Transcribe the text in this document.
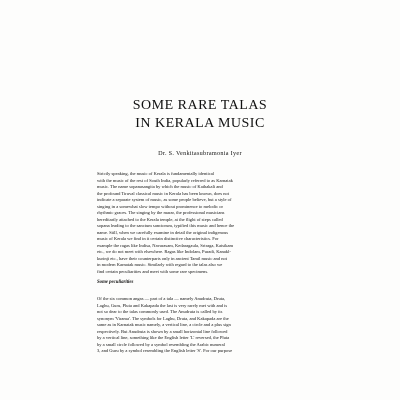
SOME RARE TALAS
IN KERALA MUSIC
Dr. S. Venkitasubramonia Iyer
Strictly speaking, the music of Kerala is fundamentally identical
with the music of the rest of South India, popularly referred to as Karnatak
music. The name sopanasangita by which the music of Kathakali and
the profound Tiruval classical music in Kerala has been known, does not
indicate a separate system of music, as some people believe, but a style of
singing in a somewhat slow tempo without prominence to melodic or
rhythmic graces. The singing by the marar, the professional musicians
hereditarily attached to the Kerala temple, at the flight of steps called
sopana leading to the sanctum sanctorum, typified this music and hence the
name. Still, when we carefully examine in detail the original indigenous
music of Kerala we find in it certain distinctive characteristics. For
example the ragas like Indisa, Navarasam, Kedaragaula, Sriraga, Kaisikam
etc., we do not meet with elsewhere. Ragas like Indolam, Puradi, Kanakl-
kurinji etc., have their counterparts only in ancient Tamil music and not
in modern Karnatak music. Similarly with regard to the talas also we
find certain peculiarities and meet with some rare specimens.
Some peculiarities
Of the six common angas — part of a tala — namely Anudruta, Druta,
Laghu, Guru, Pluta and Kakapada the last is very rarely met with and is
not so dear to the talas commonly used. The Anudruta is called by its
synonym 'Virama'. The symbols for Laghu, Druta, and Kakapada are the
same as in Karnatak music namely, a vertical line, a circle and a plus sign
respectively. But Anudruta is shown by a small horizontal line followed
by a vertical line, something like the English letter 'L' reversed, the Pluta
by a small circle followed by a symbol resembling the Arabic numeral
3, and Guru by a symbol resembling the English letter 'S'. For our purpose
